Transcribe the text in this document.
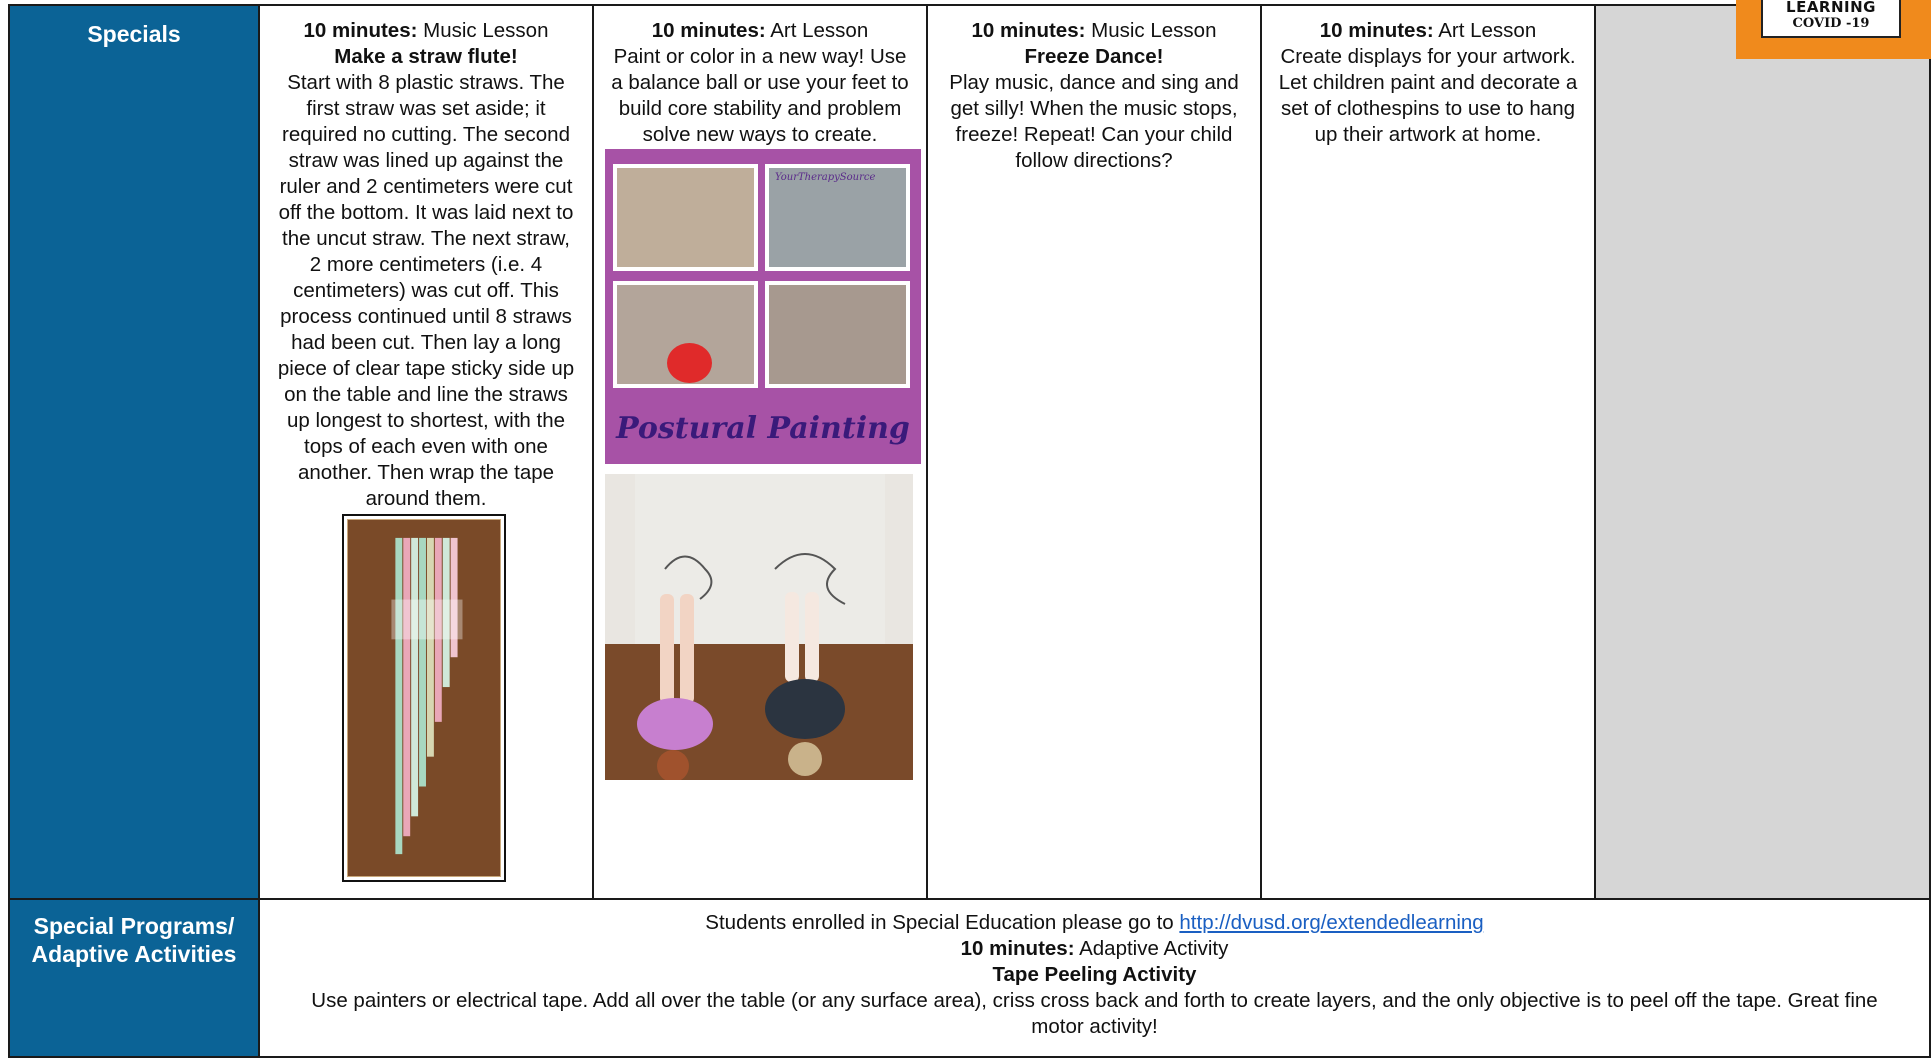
Specials	10 minutes: Music Lesson
Make a straw flute!
Start with 8 plastic straws. The
first straw was set aside; it
required no cutting. The second
straw was lined up against the
ruler and 2 centimeters were cut
off the bottom. It was laid next to
the uncut straw. The next straw,
2 more centimeters (i.e. 4
centimeters) was cut off. This
process continued until 8 straws
had been cut. Then lay a long
piece of clear tape sticky side up
on the table and line the straws
up longest to shortest, with the
tops of each even with one
another. Then wrap the tape
around them.
10 minutes: Art Lesson
Paint or color in a new way! Use
a balance ball or use your feet to
build core stability and problem
solve new ways to create.
10 minutes: Music Lesson
Freeze Dance!
Play music, dance and sing and
get silly! When the music stops,
freeze! Repeat! Can your child
follow directions?
10 minutes: Art Lesson
Create displays for your artwork.
Let children paint and decorate a
set of clothespins to use to hang
up their artwork at home.
Special Programs/
Adaptive Activities
Students enrolled in Special Education please go to http://dvusd.org/extendedlearning
10 minutes: Adaptive Activity
Tape Peeling Activity
Use painters or electrical tape. Add all over the table (or any surface area), criss cross back and forth to create layers, and the only objective is to peel off the tape. Great fine
motor activity!
YourTherapySource
Postural Painting
LEARNING
COVID -19
